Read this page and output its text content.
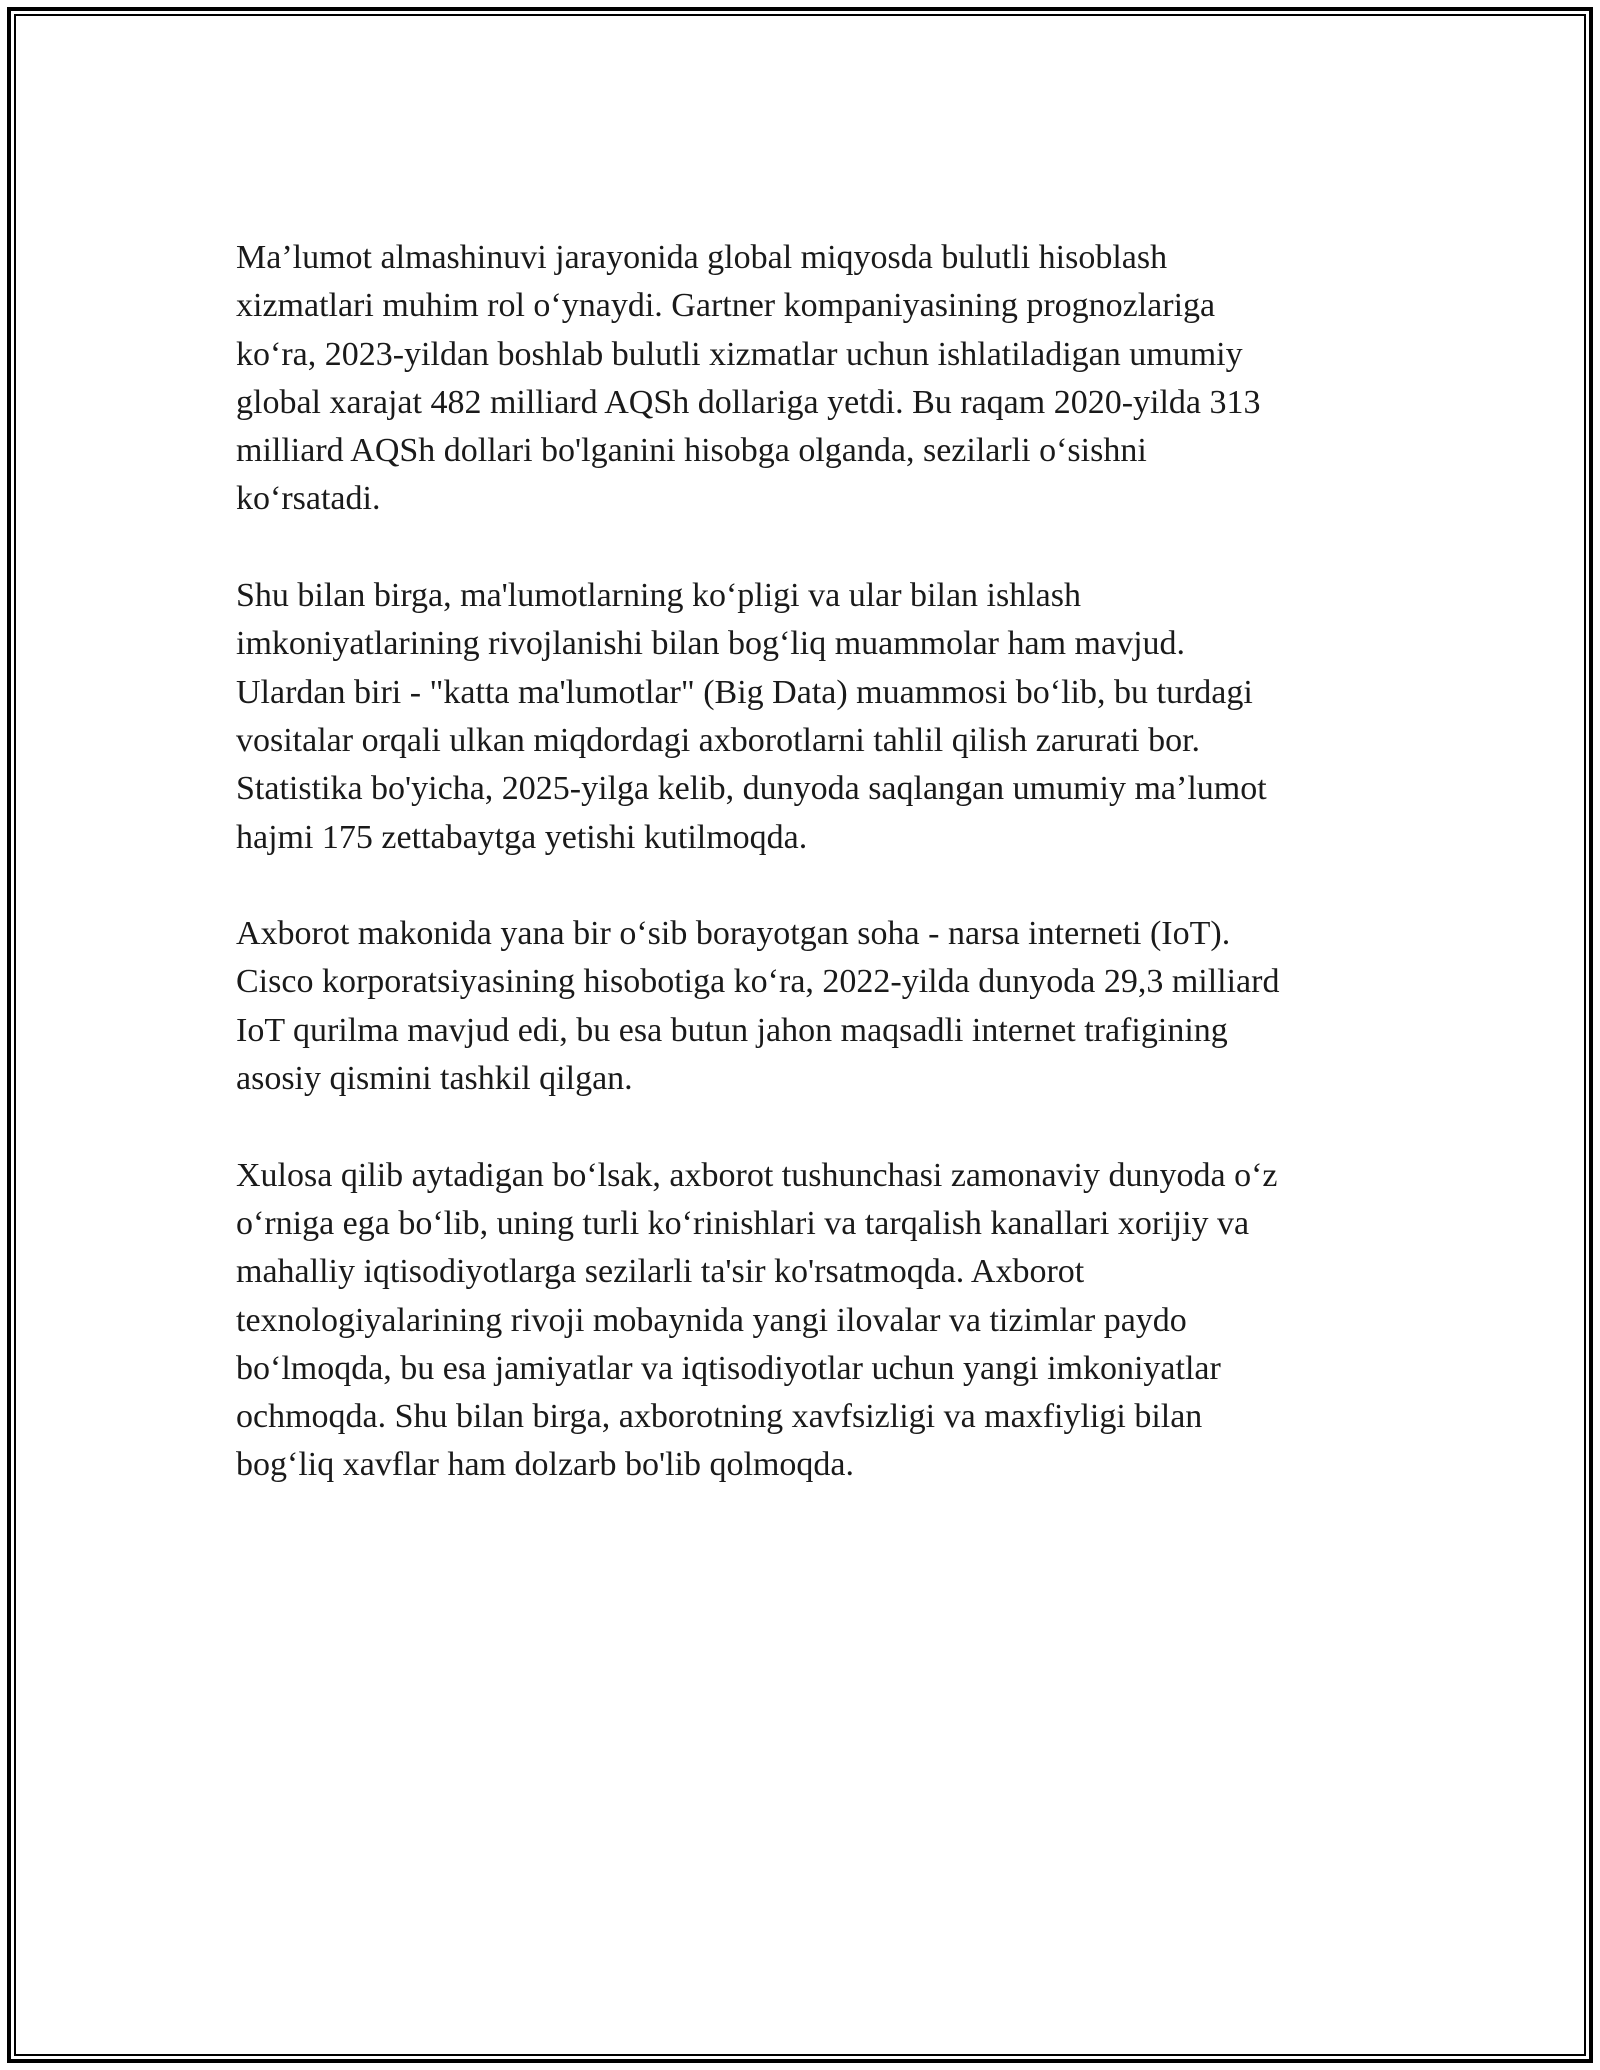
Ma’lumot almashinuvi jarayonida global miqyosda bulutli hisoblash
xizmatlari muhim rol o‘ynaydi. Gartner kompaniyasining prognozlariga
ko‘ra, 2023-yildan boshlab bulutli xizmatlar uchun ishlatiladigan umumiy
global xarajat 482 milliard AQSh dollariga yetdi. Bu raqam 2020-yilda 313
milliard AQSh dollari bo'lganini hisobga olganda, sezilarli o‘sishni
ko‘rsatadi.

Shu bilan birga, ma'lumotlarning ko‘pligi va ular bilan ishlash
imkoniyatlarining rivojlanishi bilan bog‘liq muammolar ham mavjud.
Ulardan biri - "katta ma'lumotlar" (Big Data) muammosi bo‘lib, bu turdagi
vositalar orqali ulkan miqdordagi axborotlarni tahlil qilish zarurati bor.
Statistika bo'yicha, 2025-yilga kelib, dunyoda saqlangan umumiy ma’lumot
hajmi 175 zettabaytga yetishi kutilmoqda.

Axborot makonida yana bir o‘sib borayotgan soha - narsa interneti (IoT).
Cisco korporatsiyasining hisobotiga ko‘ra, 2022-yilda dunyoda 29,3 milliard
IoT qurilma mavjud edi, bu esa butun jahon maqsadli internet trafigining
asosiy qismini tashkil qilgan.

Xulosa qilib aytadigan bo‘lsak, axborot tushunchasi zamonaviy dunyoda o‘z
o‘rniga ega bo‘lib, uning turli ko‘rinishlari va tarqalish kanallari xorijiy va
mahalliy iqtisodiyotlarga sezilarli ta'sir ko'rsatmoqda. Axborot
texnologiyalarining rivoji mobaynida yangi ilovalar va tizimlar paydo
bo‘lmoqda, bu esa jamiyatlar va iqtisodiyotlar uchun yangi imkoniyatlar
ochmoqda. Shu bilan birga, axborotning xavfsizligi va maxfiyligi bilan
bog‘liq xavflar ham dolzarb bo'lib qolmoqda.
